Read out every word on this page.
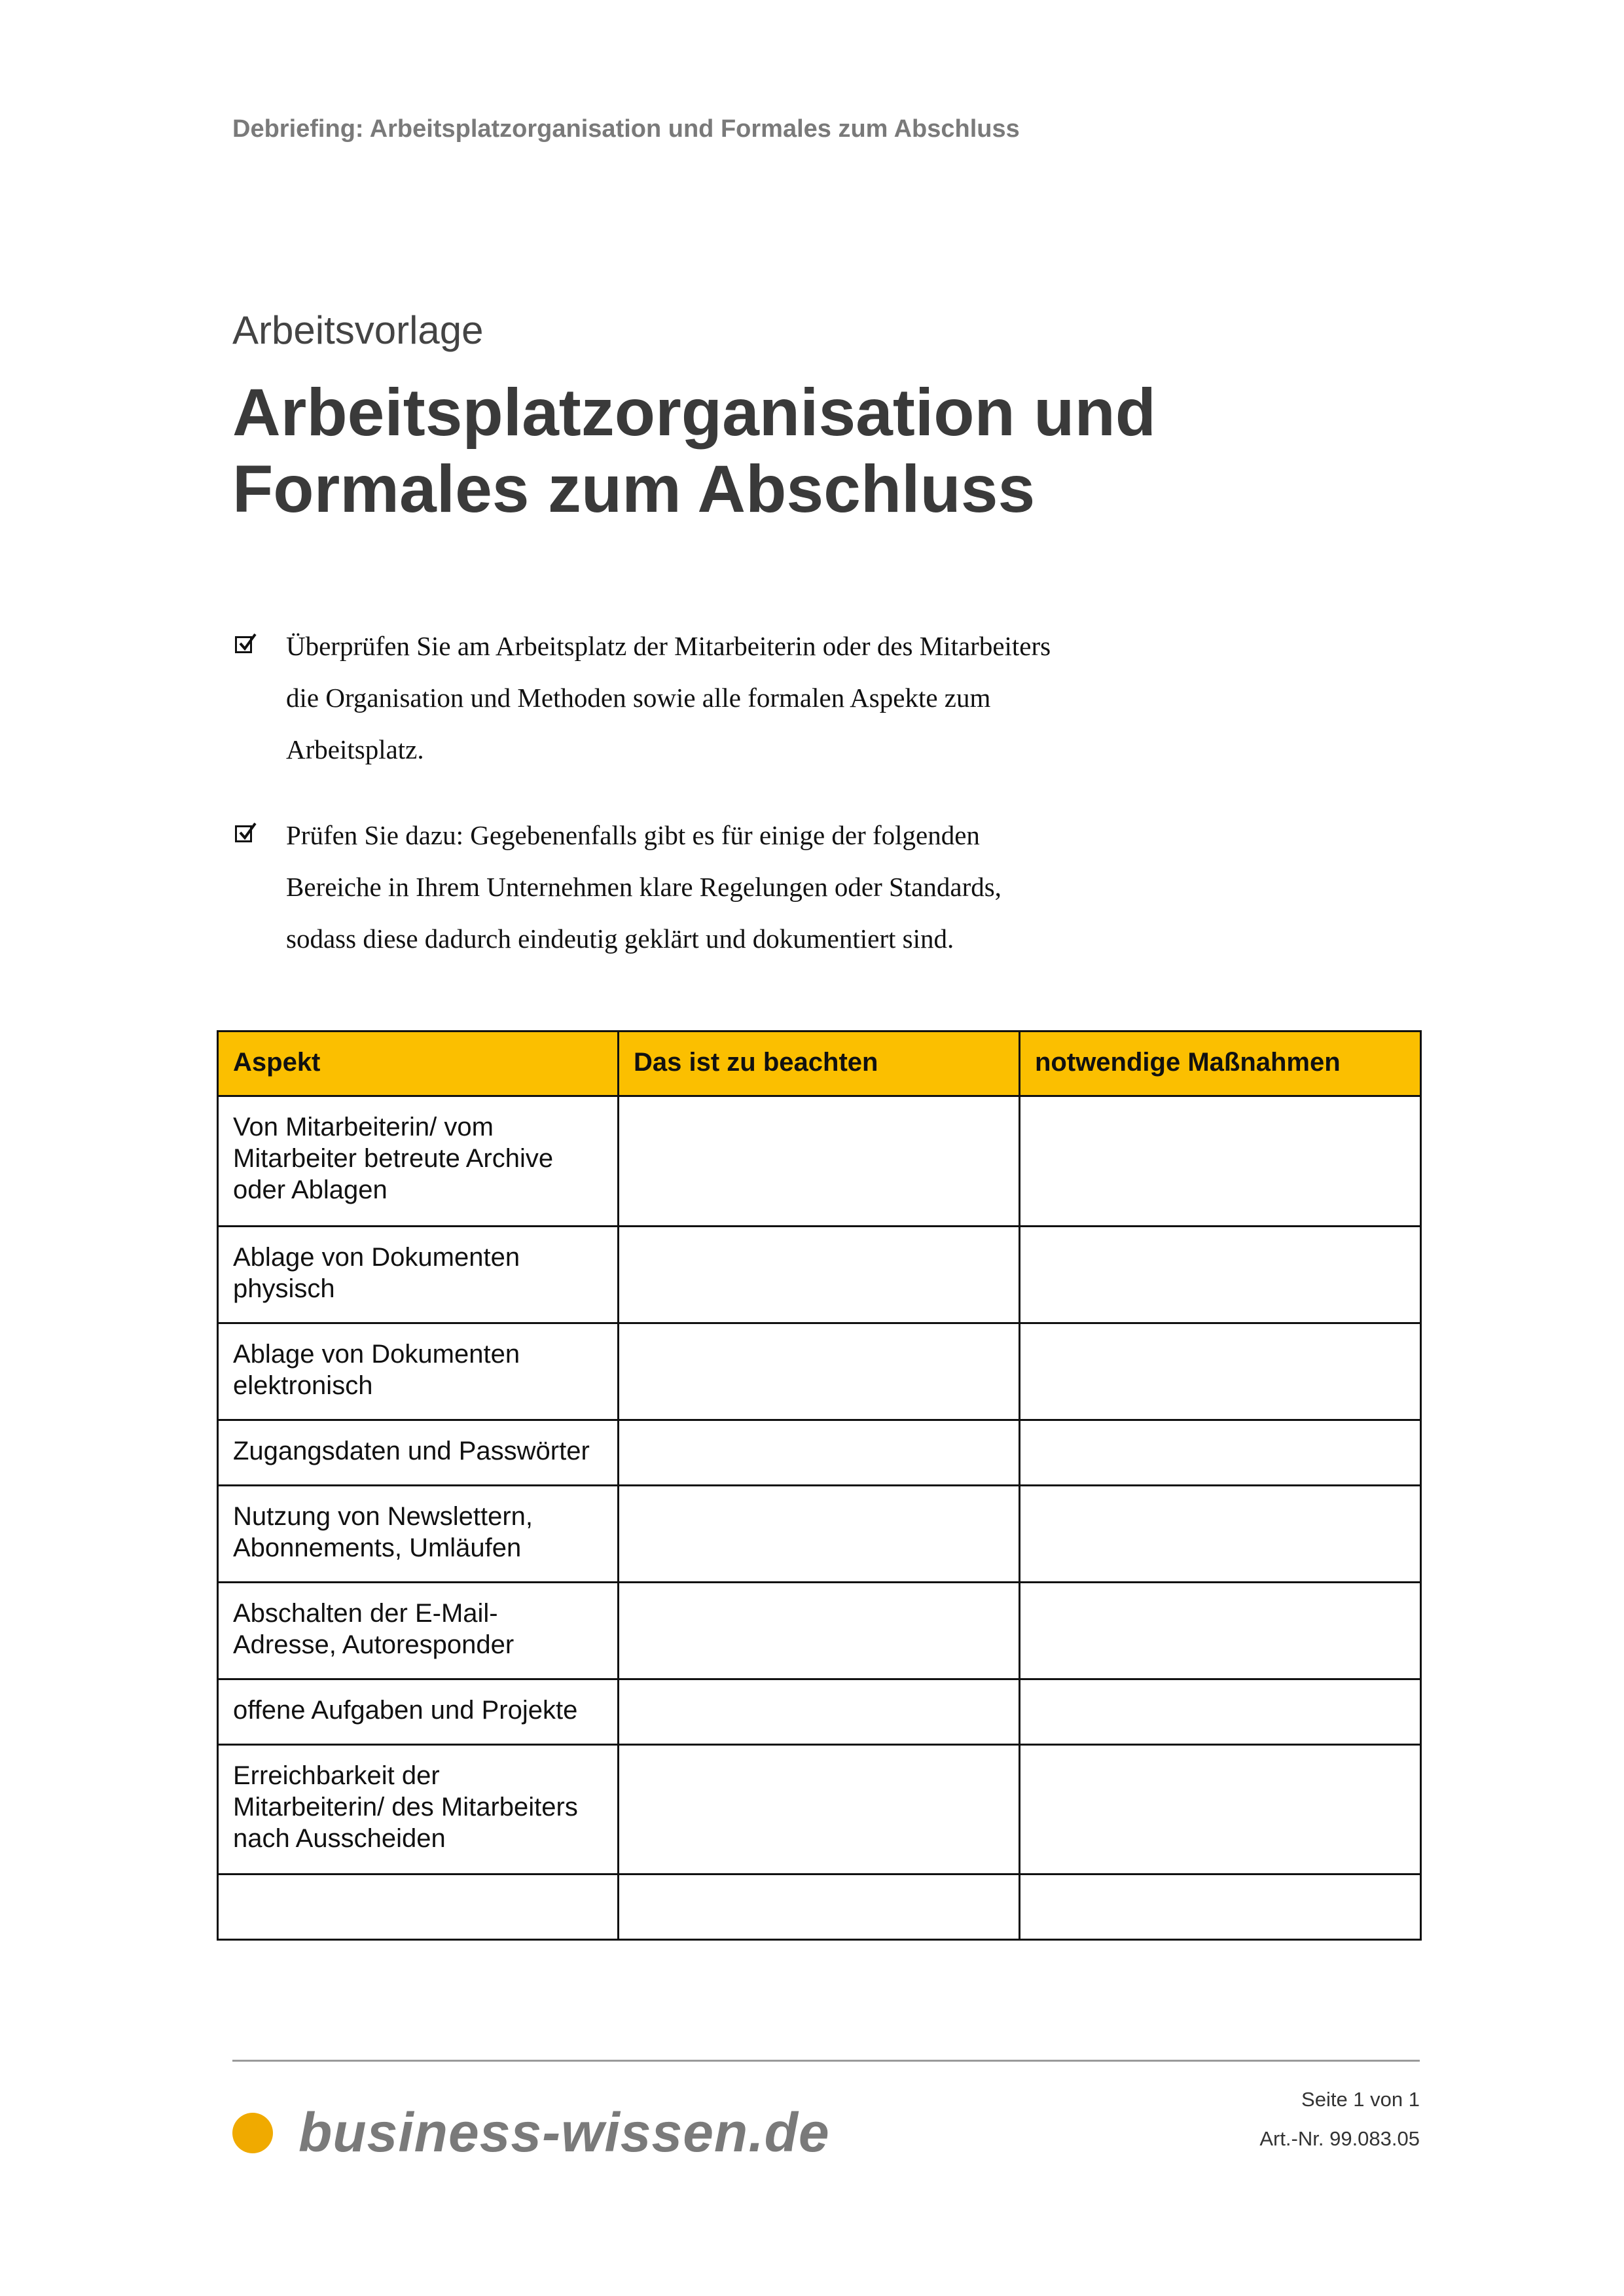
Debriefing: Arbeitsplatzorganisation und Formales zum Abschluss
Arbeitsvorlage
Arbeitsplatzorganisation und
Formales zum Abschluss
Überprüfen Sie am Arbeitsplatz der Mitarbeiterin oder des Mitarbeiters
die Organisation und Methoden sowie alle formalen Aspekte zum
Arbeitsplatz.
Prüfen Sie dazu: Gegebenenfalls gibt es für einige der folgenden
Bereiche in Ihrem Unternehmen klare Regelungen oder Standards,
sodass diese dadurch eindeutig geklärt und dokumentiert sind.
Aspekt	Das ist zu beachten	notwendige Maßnahmen

Von Mitarbeiterin/ vom
Mitarbeiter betreute Archive
oder Ablagen		

Ablage von Dokumenten
physisch		

Ablage von Dokumenten
elektronisch		

Zugangsdaten und Passwörter		

Nutzung von Newslettern,
Abonnements, Umläufen		

Abschalten der E-Mail-
Adresse, Autoresponder		

offene Aufgaben und Projekte		

Erreichbarkeit der
Mitarbeiterin/ des Mitarbeiters
nach Ausscheiden		

business-wissen.de
Seite 1 von 1
Art.-Nr. 99.083.05
